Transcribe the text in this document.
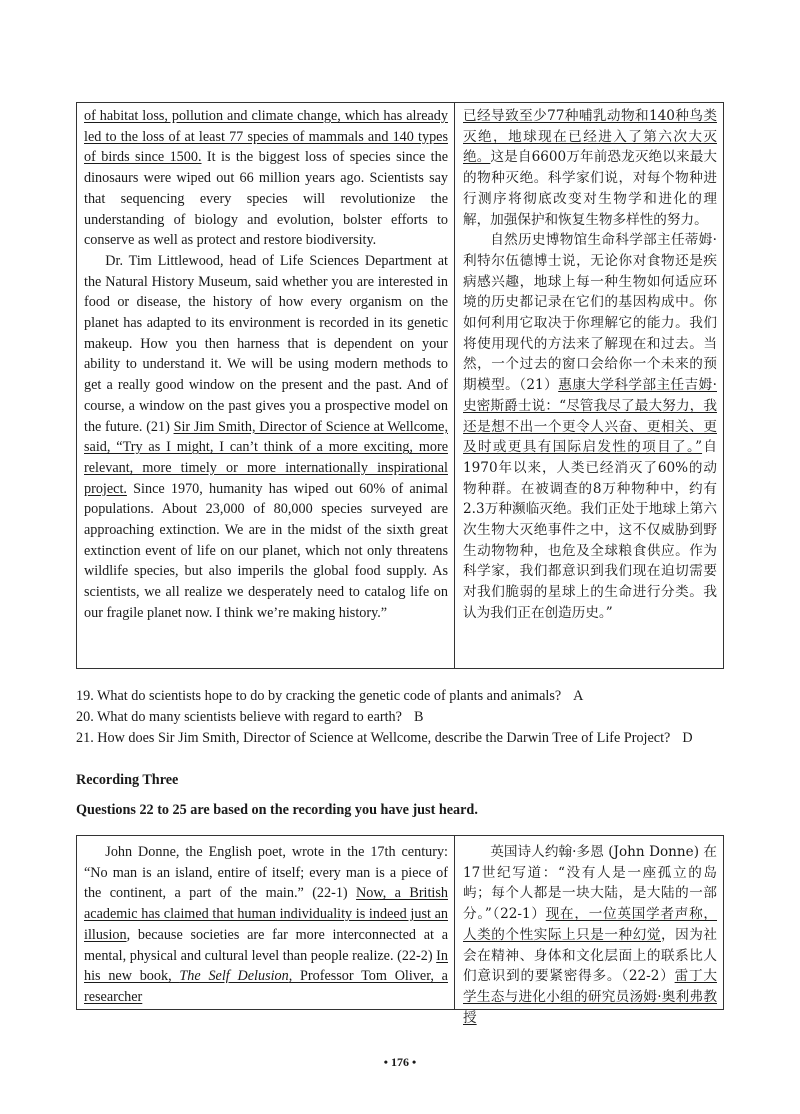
of habitat loss, pollution and climate change, which has already led to the loss of at least 77 species of mammals and 140 types of birds since 1500. It is the biggest loss of species since the dinosaurs were wiped out 66 million years ago. Scientists say that sequencing every species will revolutionize the understanding of biology and evolution, bolster efforts to conserve as well as protect and restore biodiversity.

Dr. Tim Littlewood, head of Life Sciences Department at the Natural History Museum, said whether you are interested in food or disease, the history of how every organism on the planet has adapted to its environment is recorded in its genetic makeup. How you then harness that is dependent on your ability to understand it. We will be using modern methods to get a really good window on the present and the past. And of course, a window on the past gives you a prospective model on the future. (21) Sir Jim Smith, Director of Science at Wellcome, said, “Try as I might, I can’t think of a more exciting, more relevant, more timely or more internationally inspirational project. Since 1970, humanity has wiped out 60% of animal populations. About 23,000 of 80,000 species surveyed are approaching extinction. We are in the midst of the sixth great extinction event of life on our planet, which not only threatens wildlife species, but also imperils the global food supply. As scientists, we all realize we desperately need to catalog life on our fragile planet now. I think we’re making history.”

已经导致至少77种哺乳动物和140种鸟类灭绝，地球现在已经进入了第六次大灭绝。这是自6600万年前恐龙灭绝以来最大的物种灭绝。科学家们说，对每个物种进行测序将彻底改变对生物学和进化的理解，加强保护和恢复生物多样性的努力。

自然历史博物馆生命科学部主任蒂姆·利特尔伍德博士说，无论你对食物还是疾病感兴趣，地球上每一种生物如何适应环境的历史都记录在它们的基因构成中。你如何利用它取决于你理解它的能力。我们将使用现代的方法来了解现在和过去。当然，一个过去的窗口会给你一个未来的预期模型。（21）惠康大学科学部主任吉姆·史密斯爵士说：“尽管我尽了最大努力，我还是想不出一个更令人兴奋、更相关、更及时或更具有国际启发性的项目了。”自1970年以来，人类已经消灭了60%的动物种群。在被调查的8万种物种中，约有2.3万种濒临灭绝。我们正处于地球上第六次生物大灭绝事件之中，这不仅威胁到野生动物物种，也危及全球粮食供应。作为科学家，我们都意识到我们现在迫切需要对我们脆弱的星球上的生命进行分类。我认为我们正在创造历史。”

19. What do scientists hope to do by cracking the genetic code of plants and animals? A
20. What do many scientists believe with regard to earth? B
21. How does Sir Jim Smith, Director of Science at Wellcome, describe the Darwin Tree of Life Project? D
Recording Three
Questions 22 to 25 are based on the recording you have just heard.

John Donne, the English poet, wrote in the 17th century: “No man is an island, entire of itself; every man is a piece of the continent, a part of the main.” (22-1) Now, a British academic has claimed that human individuality is indeed just an illusion, because societies are far more interconnected at a mental, physical and cultural level than people realize. (22-2) In his new book, The Self Delusion, Professor Tom Oliver, a researcher

英国诗人约翰·多恩 (John Donne) 在17世纪写道：“没有人是一座孤立的岛屿；每个人都是一块大陆，是大陆的一部分。”（22-1）现在，一位英国学者声称，人类的个性实际上只是一种幻觉，因为社会在精神、身体和文化层面上的联系比人们意识到的要紧密得多。（22-2）雷丁大学生态与进化小组的研究员汤姆·奥利弗教授

• 176 •
